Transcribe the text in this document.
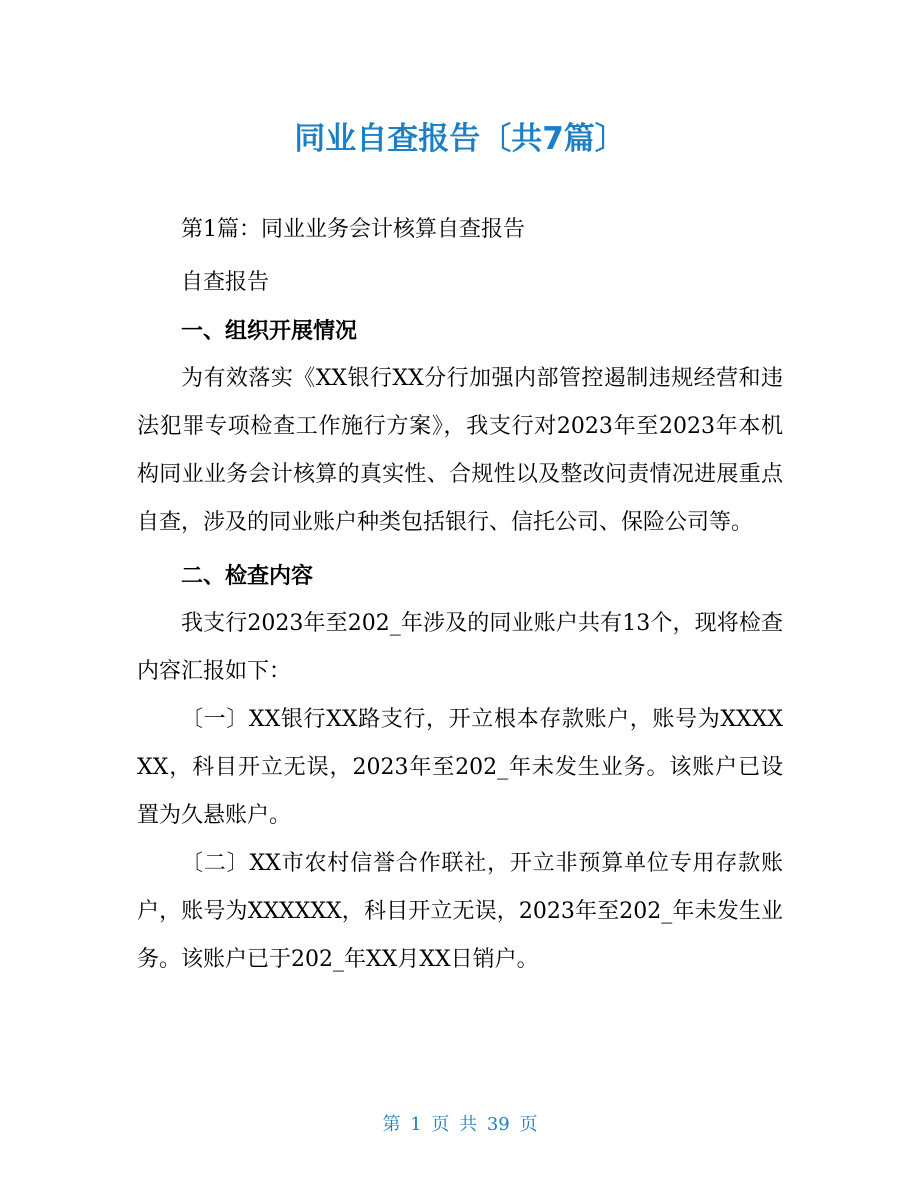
同业自查报告〔共7篇〕

第1篇：同业业务会计核算自查报告

自查报告

一、组织开展情况

为有效落实《XX银行XX分行加强内部管控遏制违规经营和违法犯罪专项检查工作施行方案》，我支行对2023年至2023年本机构同业业务会计核算的真实性、合规性以及整改问责情况进展重点自查，涉及的同业账户种类包括银行、信托公司、保险公司等。

二、检查内容

我支行2023年至202_年涉及的同业账户共有13个，现将检查内容汇报如下：

〔一〕XX银行XX路支行，开立根本存款账户，账号为XXXXXX，科目开立无误，2023年至202_年未发生业务。该账户已设置为久悬账户。

〔二〕XX市农村信誉合作联社，开立非预算单位专用存款账户，账号为XXXXXX，科目开立无误，2023年至202_年未发生业务。该账户已于202_年XX月XX日销户。

第 1 页 共 39 页
